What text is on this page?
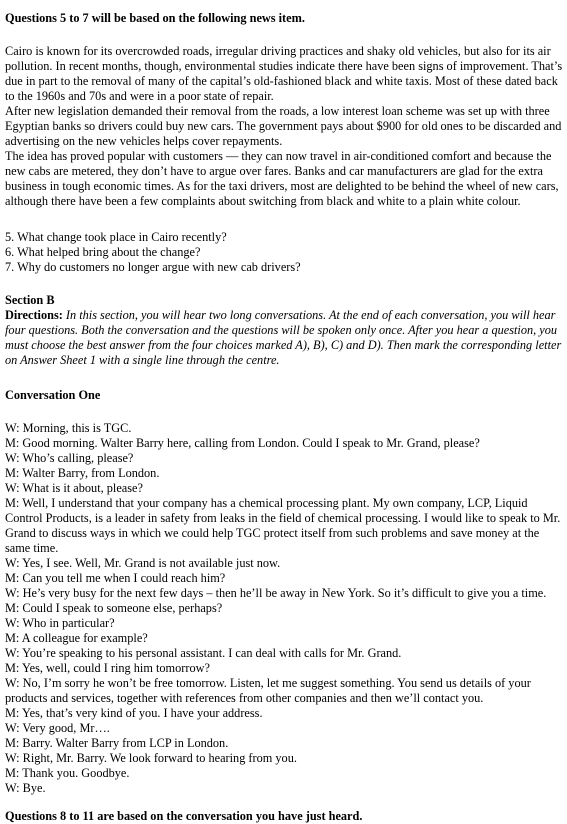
Questions 5 to 7 will be based on the following news item.

Cairo is known for its overcrowded roads, irregular driving practices and shaky old vehicles, but also for its air pollution. In recent months, though, environmental studies indicate there have been signs of improvement. That’s due in part to the removal of many of the capital’s old-fashioned black and white taxis. Most of these dated back to the 1960s and 70s and were in a poor state of repair.

After new legislation demanded their removal from the roads, a low interest loan scheme was set up with three Egyptian banks so drivers could buy new cars. The government pays about $900 for old ones to be discarded and advertising on the new vehicles helps cover repayments.

The idea has proved popular with customers — they can now travel in air-conditioned comfort and because the new cabs are metered, they don’t have to argue over fares. Banks and car manufacturers are glad for the extra business in tough economic times. As for the taxi drivers, most are delighted to be behind the wheel of new cars, although there have been a few complaints about switching from black and white to a plain white colour.

5. What change took place in Cairo recently?

6. What helped bring about the change?

7. Why do customers no longer argue with new cab drivers?

Section B

Directions: In this section, you will hear two long conversations. At the end of each conversation, you will hear four questions. Both the conversation and the questions will be spoken only once. After you hear a question, you must choose the best answer from the four choices marked A), B), C) and D). Then mark the corresponding letter on Answer Sheet 1 with a single line through the centre.

Conversation One

W: Morning, this is TGC.

M: Good morning. Walter Barry here, calling from London. Could I speak to Mr. Grand, please?

W: Who’s calling, please?

M: Walter Barry, from London.

W: What is it about, please?

M: Well, I understand that your company has a chemical processing plant. My own company, LCP, Liquid Control Products, is a leader in safety from leaks in the field of chemical processing. I would like to speak to Mr. Grand to discuss ways in which we could help TGC protect itself from such problems and save money at the same time.

W: Yes, I see. Well, Mr. Grand is not available just now.

M: Can you tell me when I could reach him?

W: He’s very busy for the next few days – then he’ll be away in New York. So it’s difficult to give you a time.

M: Could I speak to someone else, perhaps?

W: Who in particular?

M: A colleague for example?

W: You’re speaking to his personal assistant. I can deal with calls for Mr. Grand.

M: Yes, well, could I ring him tomorrow?

W: No, I’m sorry he won’t be free tomorrow. Listen, let me suggest something. You send us details of your products and services, together with references from other companies and then we’ll contact you.

M: Yes, that’s very kind of you. I have your address.

W: Very good, Mr….

M: Barry. Walter Barry from LCP in London.

W: Right, Mr. Barry. We look forward to hearing from you.

M: Thank you. Goodbye.

W: Bye.

Questions 8 to 11 are based on the conversation you have just heard.
